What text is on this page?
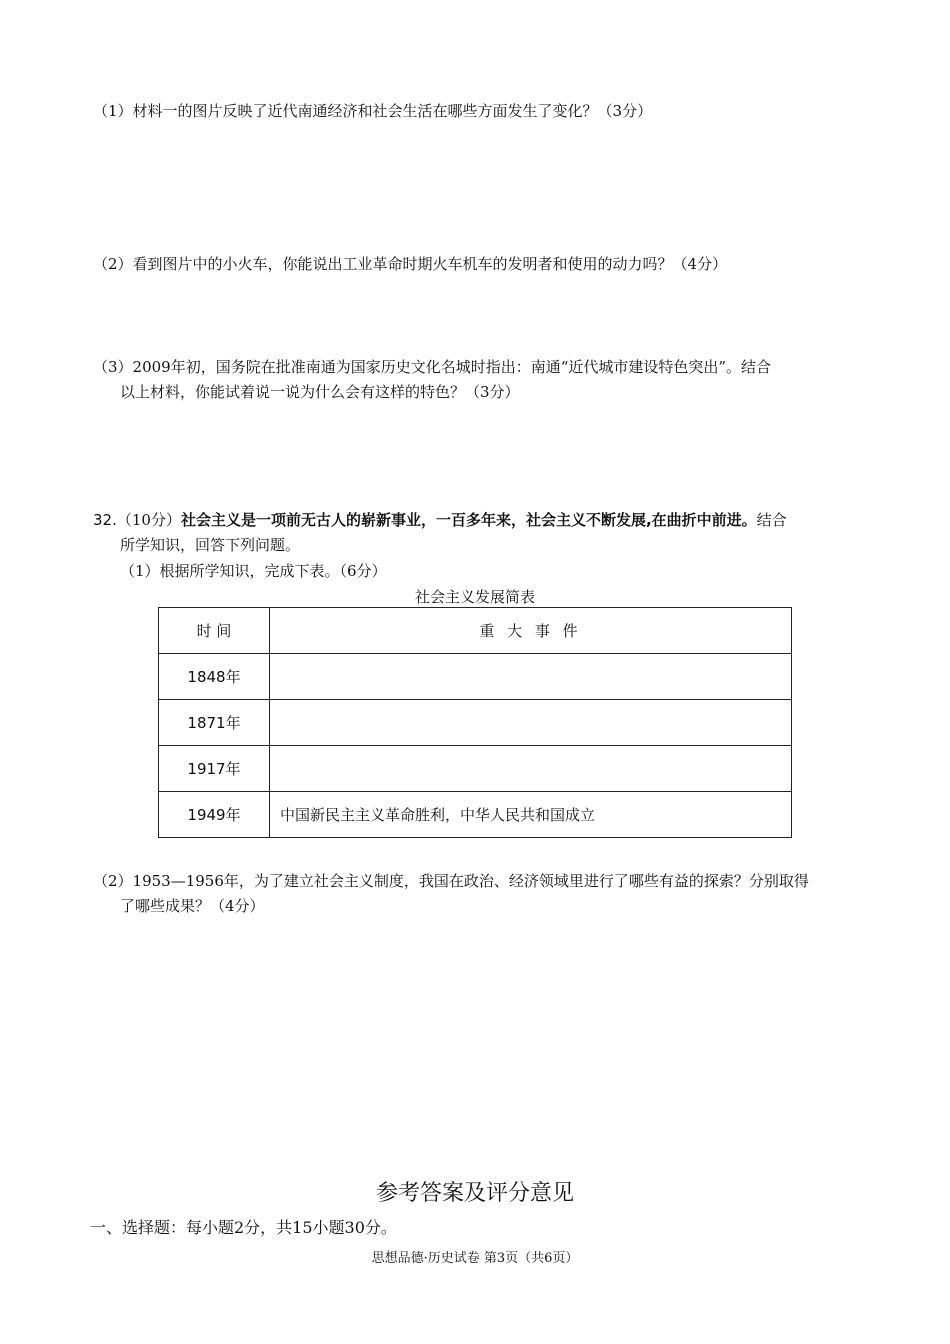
（1）材料一的图片反映了近代南通经济和社会生活在哪些方面发生了变化？（3分）
（2）看到图片中的小火车，你能说出工业革命时期火车机车的发明者和使用的动力吗？（4分）
（3）2009年初，国务院在批准南通为国家历史文化名城时指出：南通“近代城市建设特色突出”。结合
以上材料，你能试着说一说为什么会有这样的特色？（3分）
32.（10分）社会主义是一项前无古人的崭新事业，一百多年来，社会主义不断发展,在曲折中前进。结合
所学知识，回答下列问题。
（1）根据所学知识，完成下表。（6分）
社会主义发展简表
时 间	重 大 事 件
1848年	
1871年	
1917年	
1949年	中国新民主主义革命胜利，中华人民共和国成立
（2）1953—1956年，为了建立社会主义制度，我国在政治、经济领域里进行了哪些有益的探索？分别取得
了哪些成果？（4分）
参考答案及评分意见
一、选择题：每小题2分，共15小题30分。
思想品德·历史试卷 第3页（共6页）
